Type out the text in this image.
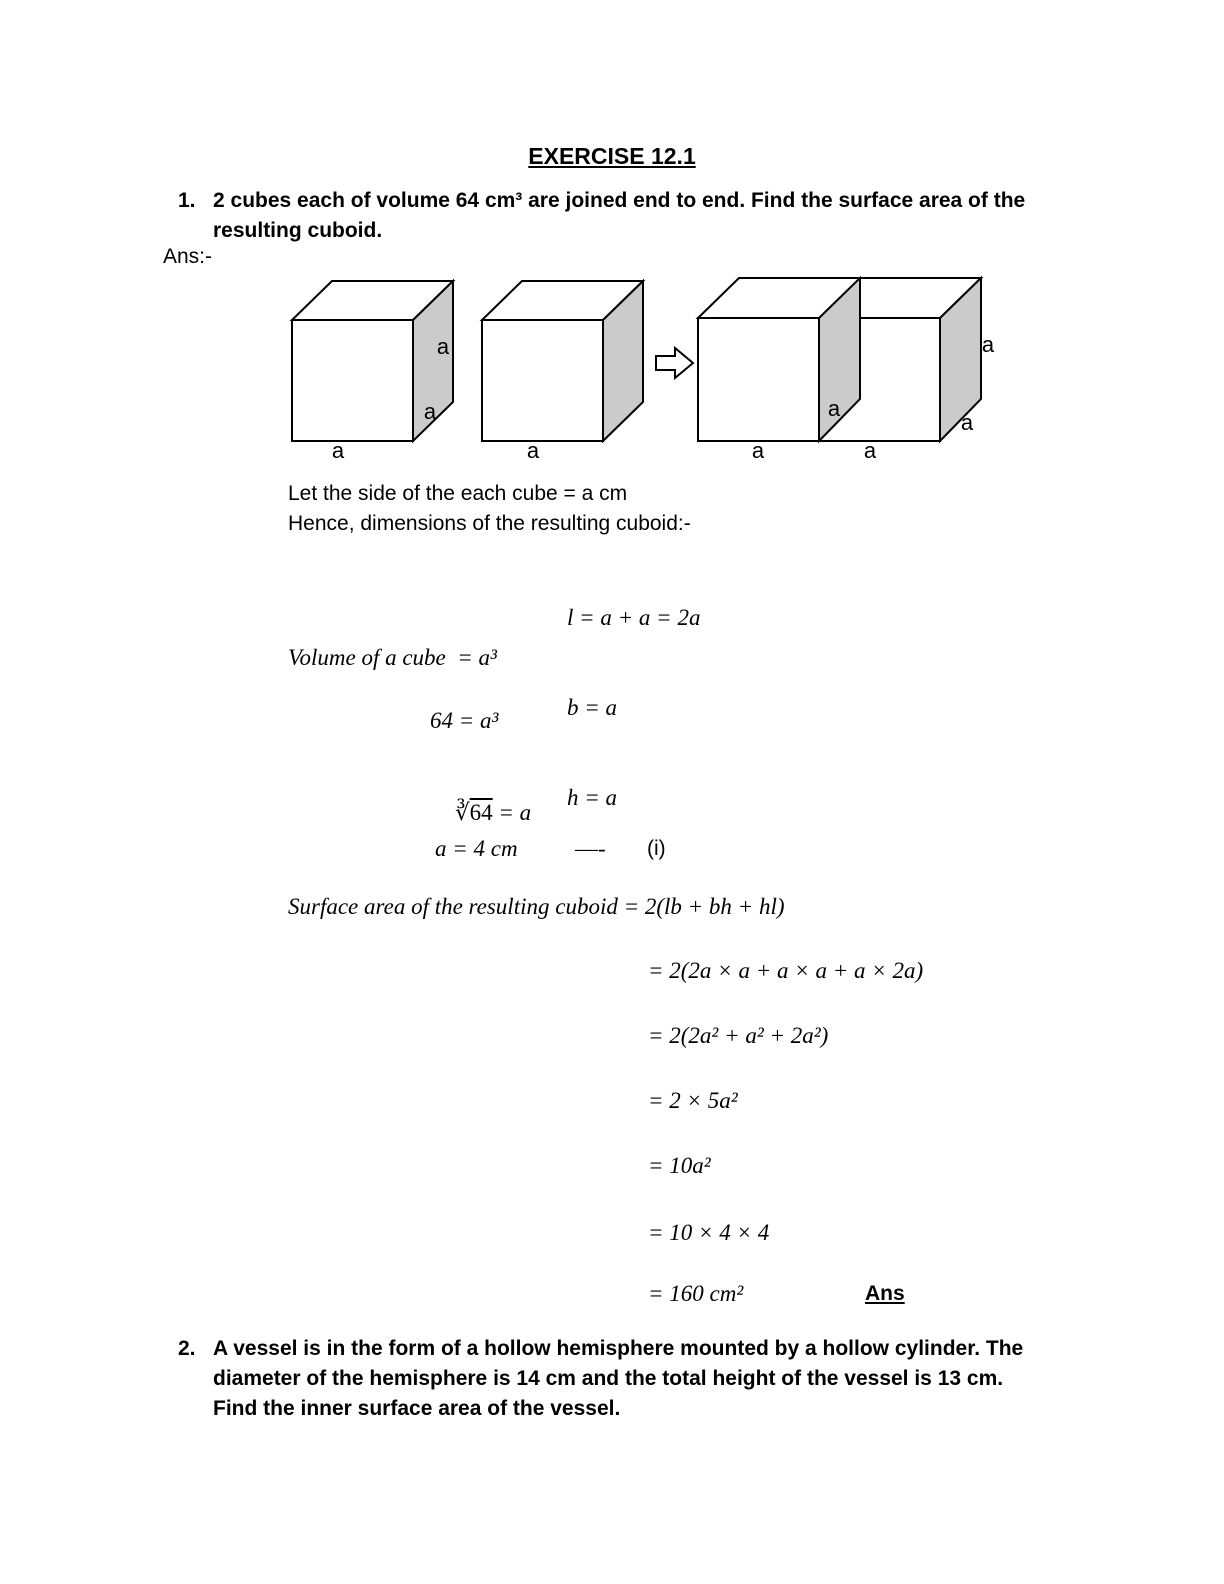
EXERCISE 12.1
1. 2 cubes each of volume 64 cm³ are joined end to end. Find the surface area of the
resulting cuboid.
Ans:-
a
a
a	a
a
a	a
a
a
Let the side of the each cube = a cm
Hence, dimensions of the resulting cuboid:-

l = a + a = 2a

b = a

h = a

Volume of a cube  = a³
64 = a³

∛64 = a

a = 4 cm —- (i)
Surface area of the resulting cuboid = 2(lb + bh + hl)
= 2(2a × a + a × a + a × 2a)
= 2(2a² + a² + 2a²)
= 2 × 5a²
= 10a²
= 10 × 4 × 4
= 160 cm²	Ans
2. A vessel is in the form of a hollow hemisphere mounted by a hollow cylinder. The
diameter of the hemisphere is 14 cm and the total height of the vessel is 13 cm.
Find the inner surface area of the vessel.
